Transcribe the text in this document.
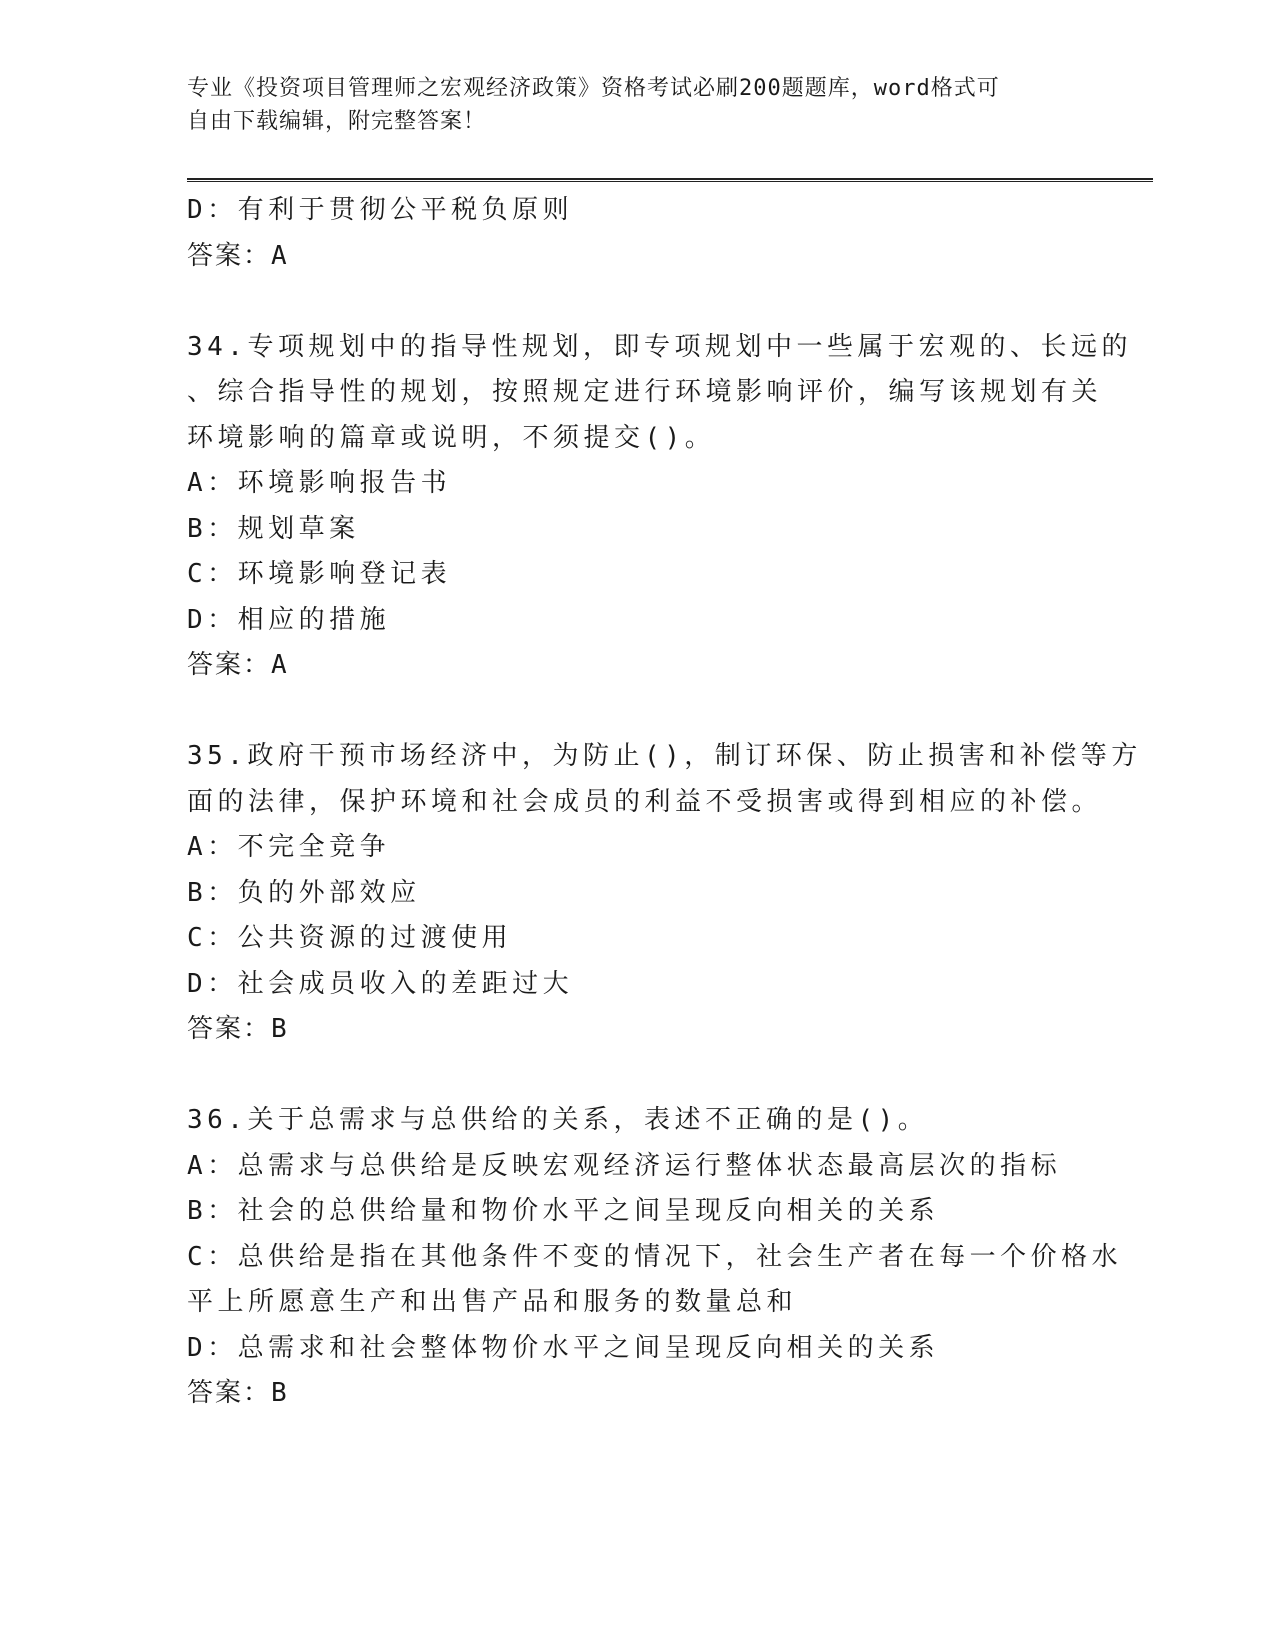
专业《投资项目管理师之宏观经济政策》资格考试必刷200题题库，word格式可
自由下载编辑，附完整答案！
D：有利于贯彻公平税负原则
答案：A
34.专项规划中的指导性规划，即专项规划中一些属于宏观的、长远的
、综合指导性的规划，按照规定进行环境影响评价，编写该规划有关
环境影响的篇章或说明，不须提交()。
A：环境影响报告书
B：规划草案
C：环境影响登记表
D：相应的措施
答案：A
35.政府干预市场经济中，为防止()，制订环保、防止损害和补偿等方
面的法律，保护环境和社会成员的利益不受损害或得到相应的补偿。
A：不完全竞争
B：负的外部效应
C：公共资源的过渡使用
D：社会成员收入的差距过大
答案：B
36.关于总需求与总供给的关系，表述不正确的是()。
A：总需求与总供给是反映宏观经济运行整体状态最高层次的指标
B：社会的总供给量和物价水平之间呈现反向相关的关系
C：总供给是指在其他条件不变的情况下，社会生产者在每一个价格水
平上所愿意生产和出售产品和服务的数量总和
D：总需求和社会整体物价水平之间呈现反向相关的关系
答案：B
